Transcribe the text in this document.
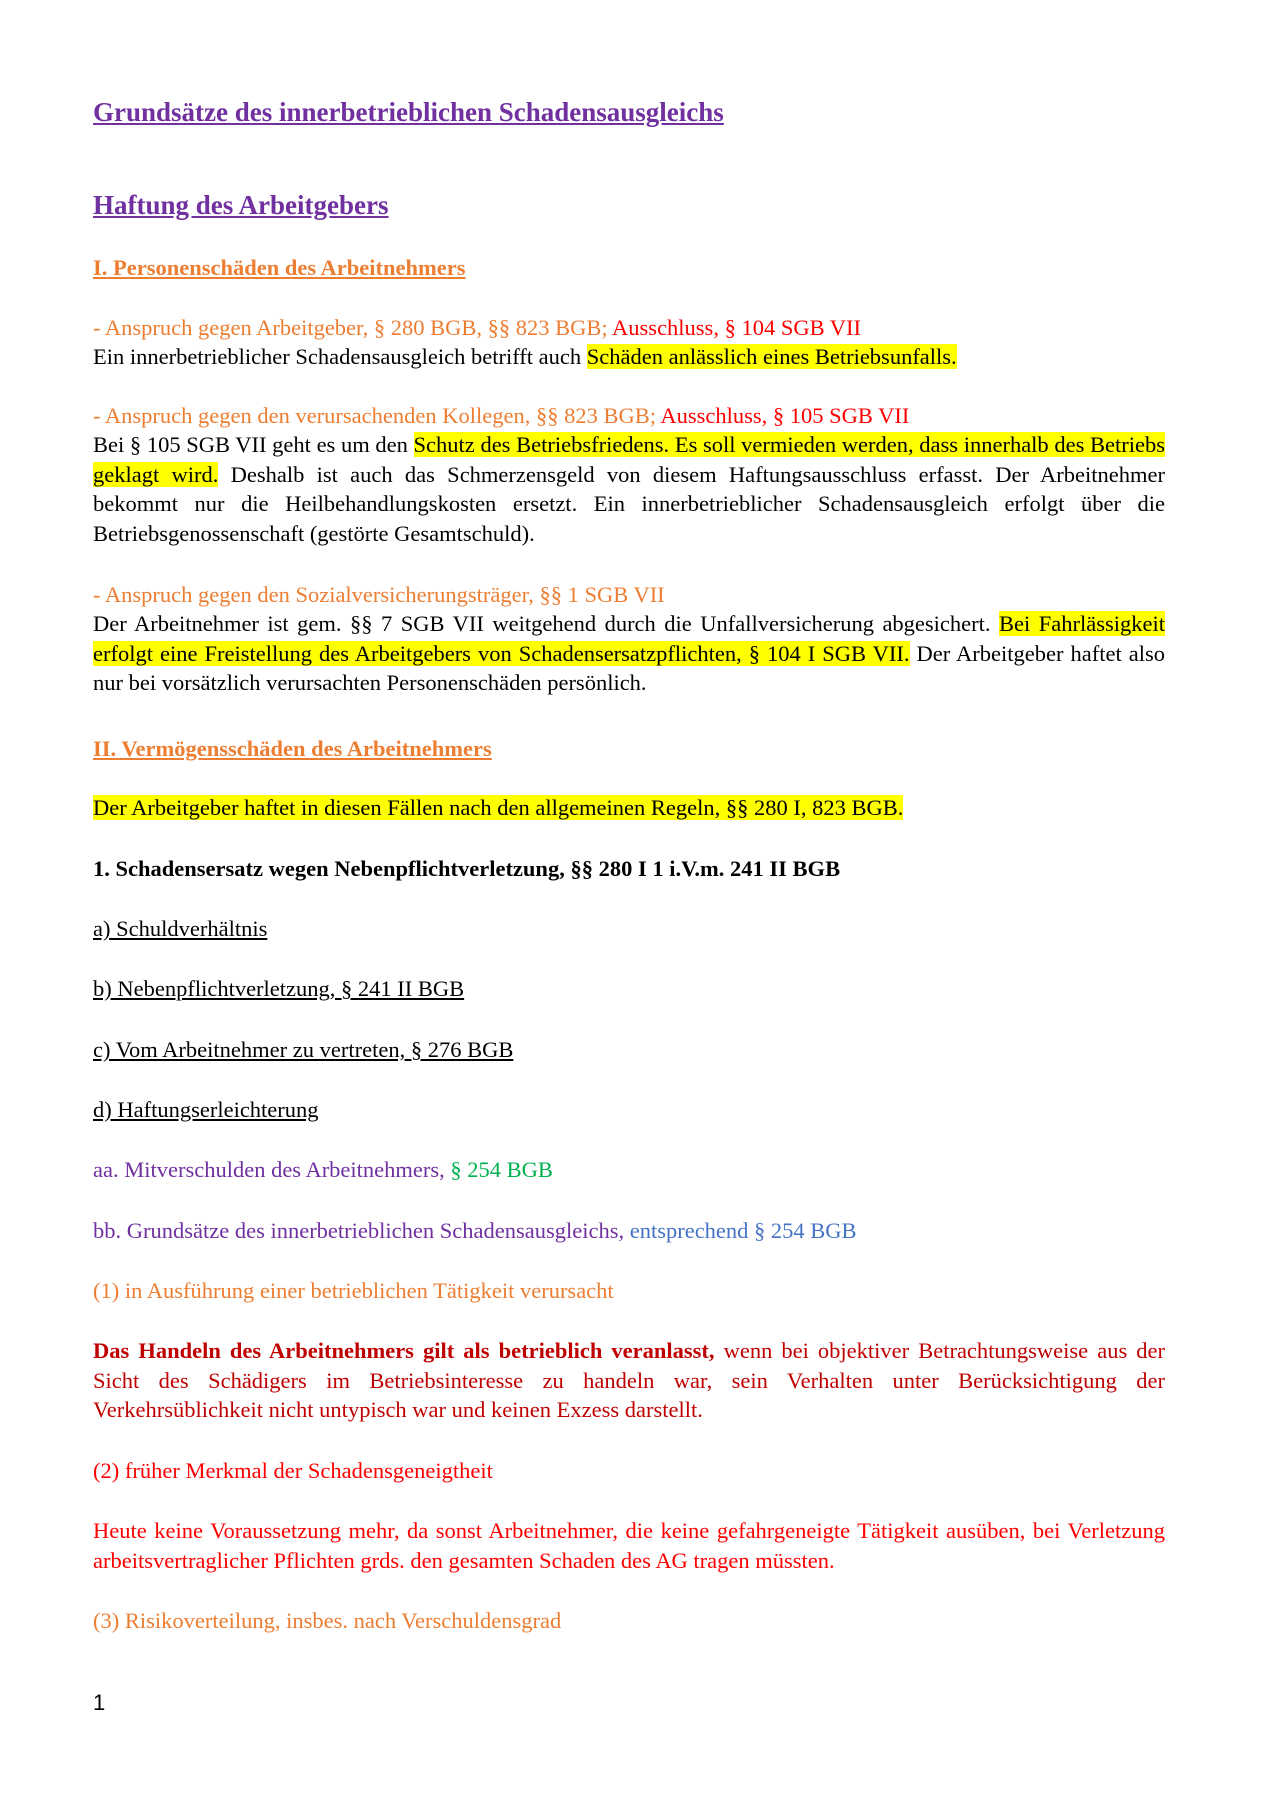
Grundsätze des innerbetrieblichen Schadensausgleichs
Haftung des Arbeitgebers
I. Personenschäden des Arbeitnehmers
- Anspruch gegen Arbeitgeber, § 280 BGB, §§ 823 BGB; Ausschluss, § 104 SGB VII
Ein innerbetrieblicher Schadensausgleich betrifft auch Schäden anlässlich eines Betriebsunfalls.
- Anspruch gegen den verursachenden Kollegen, §§ 823 BGB; Ausschluss, § 105 SGB VII
Bei § 105 SGB VII geht es um den Schutz des Betriebsfriedens. Es soll vermieden werden, dass innerhalb des Betriebs geklagt wird. Deshalb ist auch das Schmerzensgeld von diesem Haftungsausschluss erfasst. Der Arbeitnehmer bekommt nur die Heilbehandlungskosten ersetzt. Ein innerbetrieblicher Schadensausgleich erfolgt über die Betriebsgenossenschaft (gestörte Gesamtschuld).
- Anspruch gegen den Sozialversicherungsträger, §§ 1 SGB VII
Der Arbeitnehmer ist gem. §§ 7 SGB VII weitgehend durch die Unfallversicherung abgesichert. Bei Fahrlässigkeit erfolgt eine Freistellung des Arbeitgebers von Schadensersatzpflichten, § 104 I SGB VII. Der Arbeitgeber haftet also nur bei vorsätzlich verursachten Personenschäden persönlich.
II. Vermögensschäden des Arbeitnehmers
Der Arbeitgeber haftet in diesen Fällen nach den allgemeinen Regeln, §§ 280 I, 823 BGB.
1. Schadensersatz wegen Nebenpflichtverletzung, §§ 280 I 1 i.V.m. 241 II BGB
a) Schuldverhältnis
b) Nebenpflichtverletzung, § 241 II BGB
c) Vom Arbeitnehmer zu vertreten, § 276 BGB
d) Haftungserleichterung
aa. Mitverschulden des Arbeitnehmers, § 254 BGB
bb. Grundsätze des innerbetrieblichen Schadensausgleichs, entsprechend § 254 BGB
(1) in Ausführung einer betrieblichen Tätigkeit verursacht
Das Handeln des Arbeitnehmers gilt als betrieblich veranlasst, wenn bei objektiver Betrachtungsweise aus der Sicht des Schädigers im Betriebsinteresse zu handeln war, sein Verhalten unter Berücksichtigung der Verkehrsüblichkeit nicht untypisch war und keinen Exzess darstellt.
(2) früher Merkmal der Schadensgeneigtheit
Heute keine Voraussetzung mehr, da sonst Arbeitnehmer, die keine gefahrgeneigte Tätigkeit ausüben, bei Verletzung arbeitsvertraglicher Pflichten grds. den gesamten Schaden des AG tragen müssten.
(3) Risikoverteilung, insbes. nach Verschuldensgrad
1
